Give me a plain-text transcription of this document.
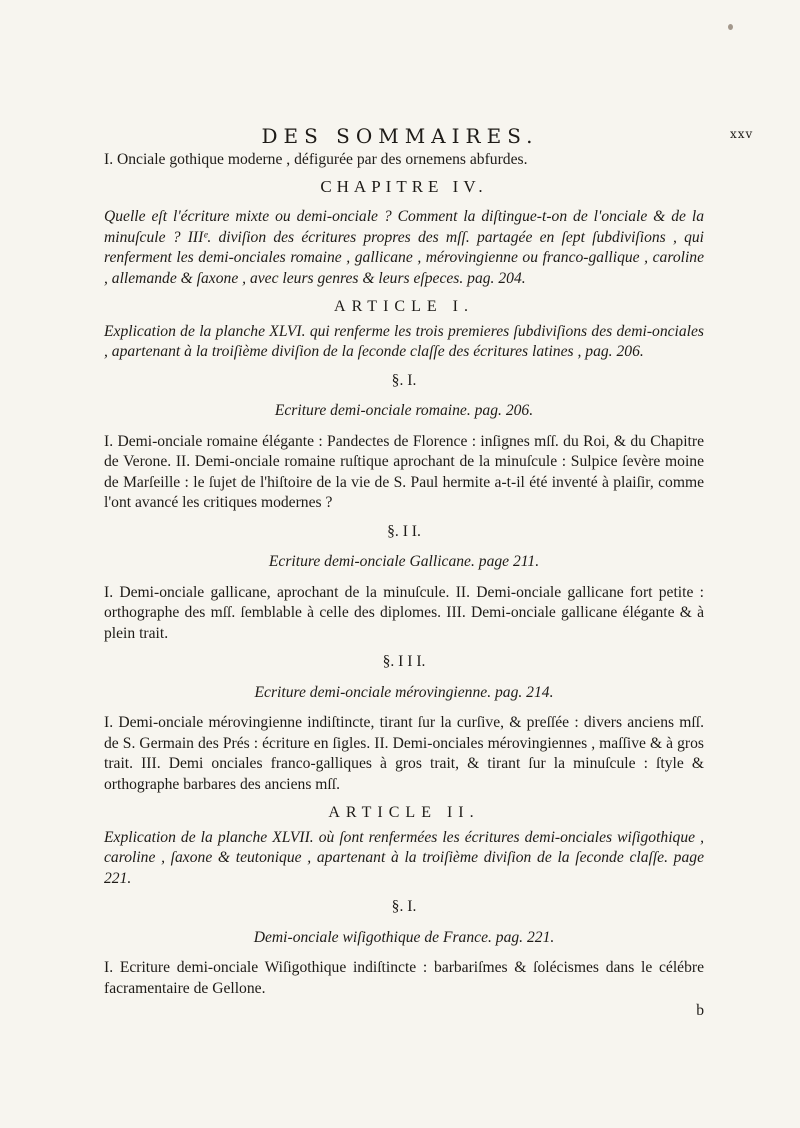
DES SOMMAIRES.	xxv

I. Onciale gothique moderne , défigurée par des ornemens abfurdes.

CHAPITRE IV.

Quelle eſt l'écriture mixte ou demi-onciale ? Comment la diſtingue-t-on de l'onciale & de la minuſcule ? IIIᵉ. diviſion des écritures propres des mſſ. partagée en ſept ſubdiviſions , qui renferment les demi-onciales romaine , gallicane , mérovingienne ou franco-gallique , caroline , allemande & ſaxone , avec leurs genres & leurs eſpeces. pag. 204.

ARTICLE I.

Explication de la planche XLVI. qui renferme les trois premieres ſubdiviſions des demi-onciales , apartenant à la troiſième diviſion de la ſeconde claſſe des écritures latines , pag. 206.

§. I.

Ecriture demi-onciale romaine. pag. 206.

I. Demi-onciale romaine élégante : Pandectes de Florence : inſignes mſſ. du Roi, & du Chapitre de Verone. II. Demi-onciale romaine ruſtique aprochant de la minuſcule : Sulpice ſevère moine de Marſeille : le ſujet de l'hiſtoire de la vie de S. Paul hermite a-t-il été inventé à plaiſir, comme l'ont avancé les critiques modernes ?

§. I I.

Ecriture demi-onciale Gallicane. page 211.

I. Demi-onciale gallicane, aprochant de la minuſcule. II. Demi-onciale gallicane fort petite : orthographe des mſſ. ſemblable à celle des diplomes. III. Demi-onciale gallicane élégante & à plein trait.

§. I I I.

Ecriture demi-onciale mérovingienne. pag. 214.

I. Demi-onciale mérovingienne indiſtincte, tirant ſur la curſive, & preſſée : divers anciens mſſ. de S. Germain des Prés : écriture en ſigles. II. Demi-onciales mérovingiennes , maſſive & à gros trait. III. Demi onciales franco-galliques à gros trait, & tirant ſur la minuſcule : ſtyle & orthographe barbares des anciens mſſ.

ARTICLE II.

Explication de la planche XLVII. où ſont renfermées les écritures demi-onciales wiſigothique , caroline , ſaxone & teutonique , apartenant à la troiſième diviſion de la ſeconde claſſe. page 221.

§. I.

Demi-onciale wiſigothique de France. pag. 221.

I. Ecriture demi-onciale Wiſigothique indiſtincte : barbariſmes & ſolécismes dans le célébre facramentaire de Gellone.

b
